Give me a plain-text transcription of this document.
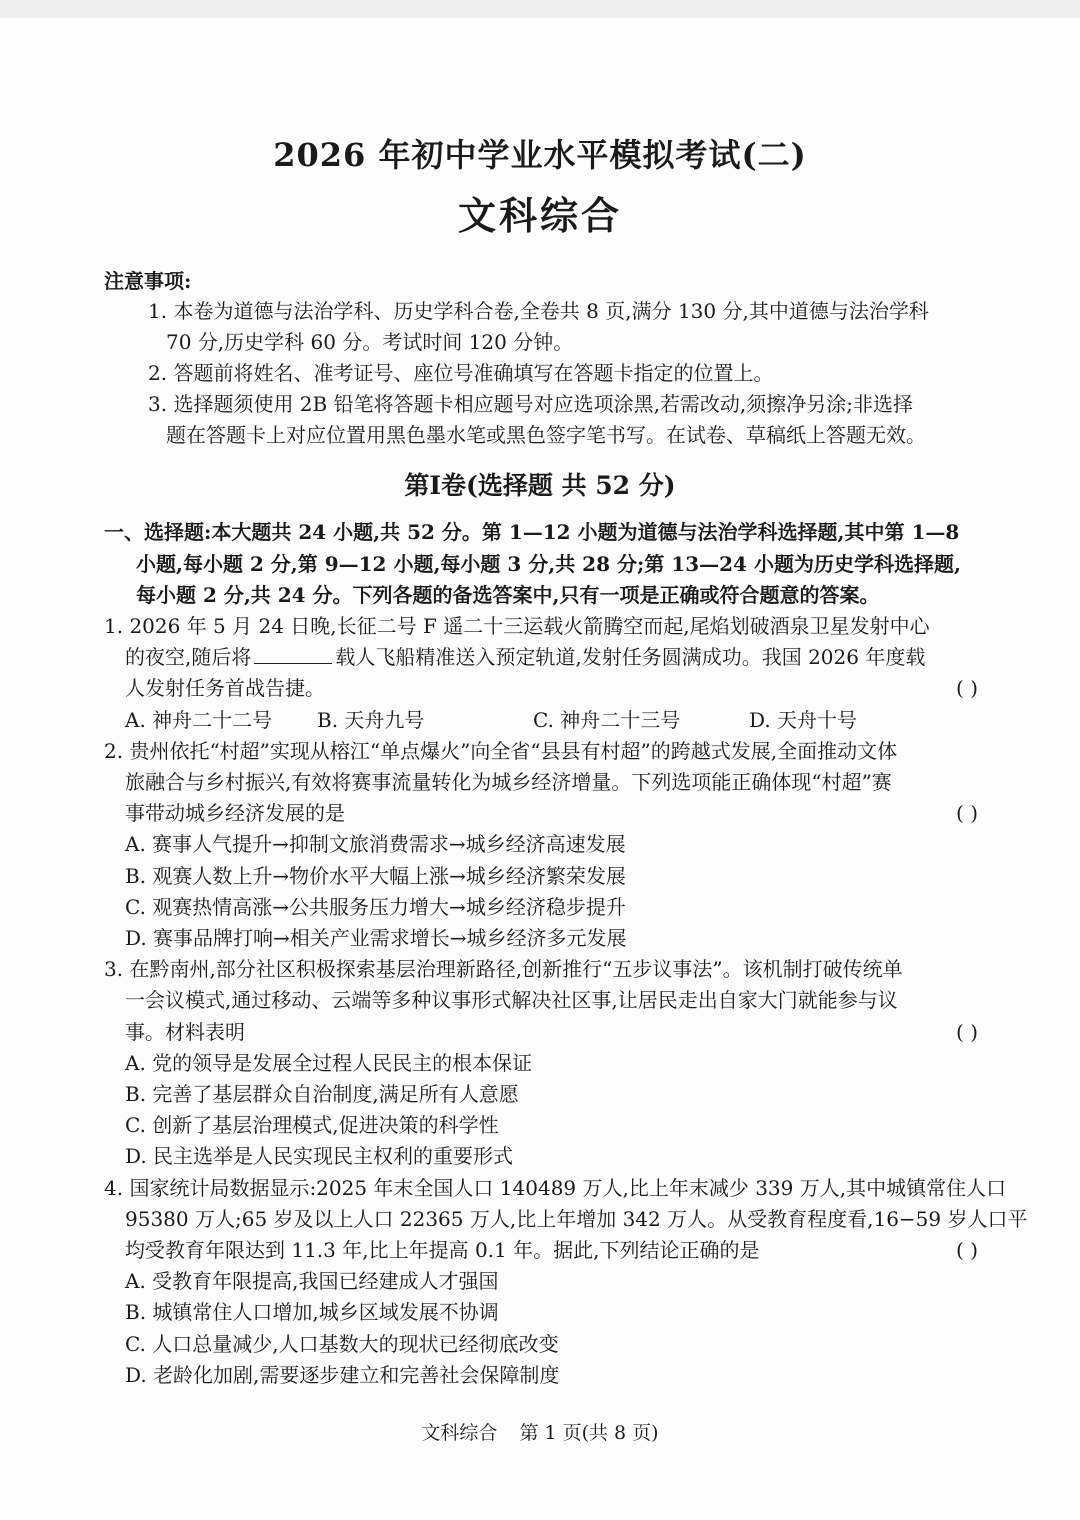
2026 年初中学业水平模拟考试(二)
文科综合
注意事项:
1. 本卷为道德与法治学科、历史学科合卷,全卷共 8 页,满分 130 分,其中道德与法治学科
70 分,历史学科 60 分。考试时间 120 分钟。
2. 答题前将姓名、准考证号、座位号准确填写在答题卡指定的位置上。
3. 选择题须使用 2B 铅笔将答题卡相应题号对应选项涂黑,若需改动,须擦净另涂;非选择
题在答题卡上对应位置用黑色墨水笔或黑色签字笔书写。在试卷、草稿纸上答题无效。
第Ⅰ卷(选择题 共 52 分)
一、选择题:本大题共 24 小题,共 52 分。第 1—12 小题为道德与法治学科选择题,其中第 1—8
小题,每小题 2 分,第 9—12 小题,每小题 3 分,共 28 分;第 13—24 小题为历史学科选择题,
每小题 2 分,共 24 分。下列各题的备选答案中,只有一项是正确或符合题意的答案。
1. 2026 年 5 月 24 日晚,长征二号 F 遥二十三运载火箭腾空而起,尾焰划破酒泉卫星发射中心
的夜空,随后将	载人飞船精准送入预定轨道,发射任务圆满成功。我国 2026 年度载
人发射任务首战告捷。	( )
A. 神舟二十二号	B. 天舟九号	C. 神舟二十三号	D. 天舟十号
2. 贵州依托“村超”实现从榕江“单点爆火”向全省“县县有村超”的跨越式发展,全面推动文体
旅融合与乡村振兴,有效将赛事流量转化为城乡经济增量。下列选项能正确体现“村超”赛
事带动城乡经济发展的是	( )
A. 赛事人气提升→抑制文旅消费需求→城乡经济高速发展
B. 观赛人数上升→物价水平大幅上涨→城乡经济繁荣发展
C. 观赛热情高涨→公共服务压力增大→城乡经济稳步提升
D. 赛事品牌打响→相关产业需求增长→城乡经济多元发展
3. 在黔南州,部分社区积极探索基层治理新路径,创新推行“五步议事法”。该机制打破传统单
一会议模式,通过移动、云端等多种议事形式解决社区事,让居民走出自家大门就能参与议
事。材料表明	( )
A. 党的领导是发展全过程人民民主的根本保证
B. 完善了基层群众自治制度,满足所有人意愿
C. 创新了基层治理模式,促进决策的科学性
D. 民主选举是人民实现民主权利的重要形式
4. 国家统计局数据显示:2025 年末全国人口 140489 万人,比上年末减少 339 万人,其中城镇常住人口
95380 万人;65 岁及以上人口 22365 万人,比上年增加 342 万人。从受教育程度看,16−59 岁人口平
均受教育年限达到 11.3 年,比上年提高 0.1 年。据此,下列结论正确的是	( )
A. 受教育年限提高,我国已经建成人才强国
B. 城镇常住人口增加,城乡区域发展不协调
C. 人口总量减少,人口基数大的现状已经彻底改变
D. 老龄化加剧,需要逐步建立和完善社会保障制度
文科综合 第 1 页(共 8 页)
